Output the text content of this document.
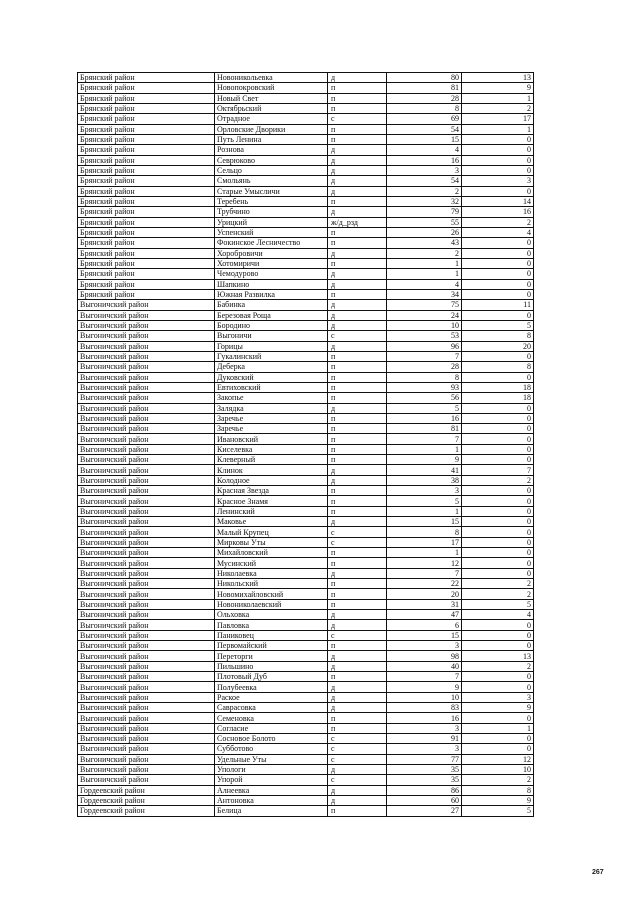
Брянский район	Новоникольевка	д	80	13
Брянский район	Новопокровский	п	81	9
Брянский район	Новый Свет	п	28	1
Брянский район	Октябрьский	п	8	2
Брянский район	Отрадное	с	69	17
Брянский район	Орловские Дворики	п	54	1
Брянский район	Путь Ленина	п	15	0
Брянский район	Рознова	д	4	0
Брянский район	Севрюково	д	16	0
Брянский район	Сельцо	д	3	0
Брянский район	Смольянь	д	54	3
Брянский район	Старые Умысличи	д	2	0
Брянский район	Теребень	п	32	14
Брянский район	Трубчино	д	79	16
Брянский район	Урицкий	ж/д_рзд	55	2
Брянский район	Успенский	п	26	4
Брянский район	Фокинское Лесничество	п	43	0
Брянский район	Хоробровичи	д	2	0
Брянский район	Хотомиричи	п	1	0
Брянский район	Чемодурово	д	1	0
Брянский район	Шапкино	д	4	0
Брянский район	Южная Развилка	п	34	0
Выгоничский район	Бабинка	д	75	11
Выгоничский район	Березовая Роща	д	24	0
Выгоничский район	Бородино	д	10	5
Выгоничский район	Выгоничи	с	53	8
Выгоничский район	Горицы	д	96	20
Выгоничский район	Гукалинский	п	7	0
Выгоничский район	Деберка	п	28	8
Выгоничский район	Дуковский	п	8	0
Выгоничский район	Евтиховский	п	93	18
Выгоничский район	Закопье	п	56	18
Выгоничский район	Залядка	д	5	0
Выгоничский район	Заречье	п	16	0
Выгоничский район	Заречье	п	81	0
Выгоничский район	Ивановский	п	7	0
Выгоничский район	Киселевка	п	1	0
Выгоничский район	Клеверный	п	9	0
Выгоничский район	Клинок	д	41	7
Выгоничский район	Колодное	д	38	2
Выгоничский район	Красная Звезда	п	3	0
Выгоничский район	Красное Знамя	п	5	0
Выгоничский район	Ленинский	п	1	0
Выгоничский район	Маковье	д	15	0
Выгоничский район	Малый Крупец	с	8	0
Выгоничский район	Мирковы Уты	с	17	0
Выгоничский район	Михайловский	п	1	0
Выгоничский район	Мусинский	п	12	0
Выгоничский район	Николаевка	д	7	0
Выгоничский район	Никольский	п	22	2
Выгоничский район	Новомихайловский	п	20	2
Выгоничский район	Новониколаевский	п	31	5
Выгоничский район	Ольховка	д	47	4
Выгоничский район	Павловка	д	6	0
Выгоничский район	Паниковец	с	15	0
Выгоничский район	Первомайский	п	3	0
Выгоничский район	Переторги	д	98	13
Выгоничский район	Пильшино	д	40	2
Выгоничский район	Плотовый Дуб	п	7	0
Выгоничский район	Полубеевка	д	9	0
Выгоничский район	Раское	д	10	3
Выгоничский район	Савраcовка	д	83	9
Выгоничский район	Семеновка	п	16	0
Выгоничский район	Согласие	п	3	1
Выгоничский район	Сосновое Болото	с	91	0
Выгоничский район	Субботово	с	3	0
Выгоничский район	Удельные Уты	с	77	12
Выгоничский район	Упологи	д	35	10
Выгоничский район	Упорой	с	35	2
Гордеевский район	Алнеевка	д	86	8
Гордеевский район	Антоновка	д	60	9
Гордеевский район	Белица	п	27	5
267
